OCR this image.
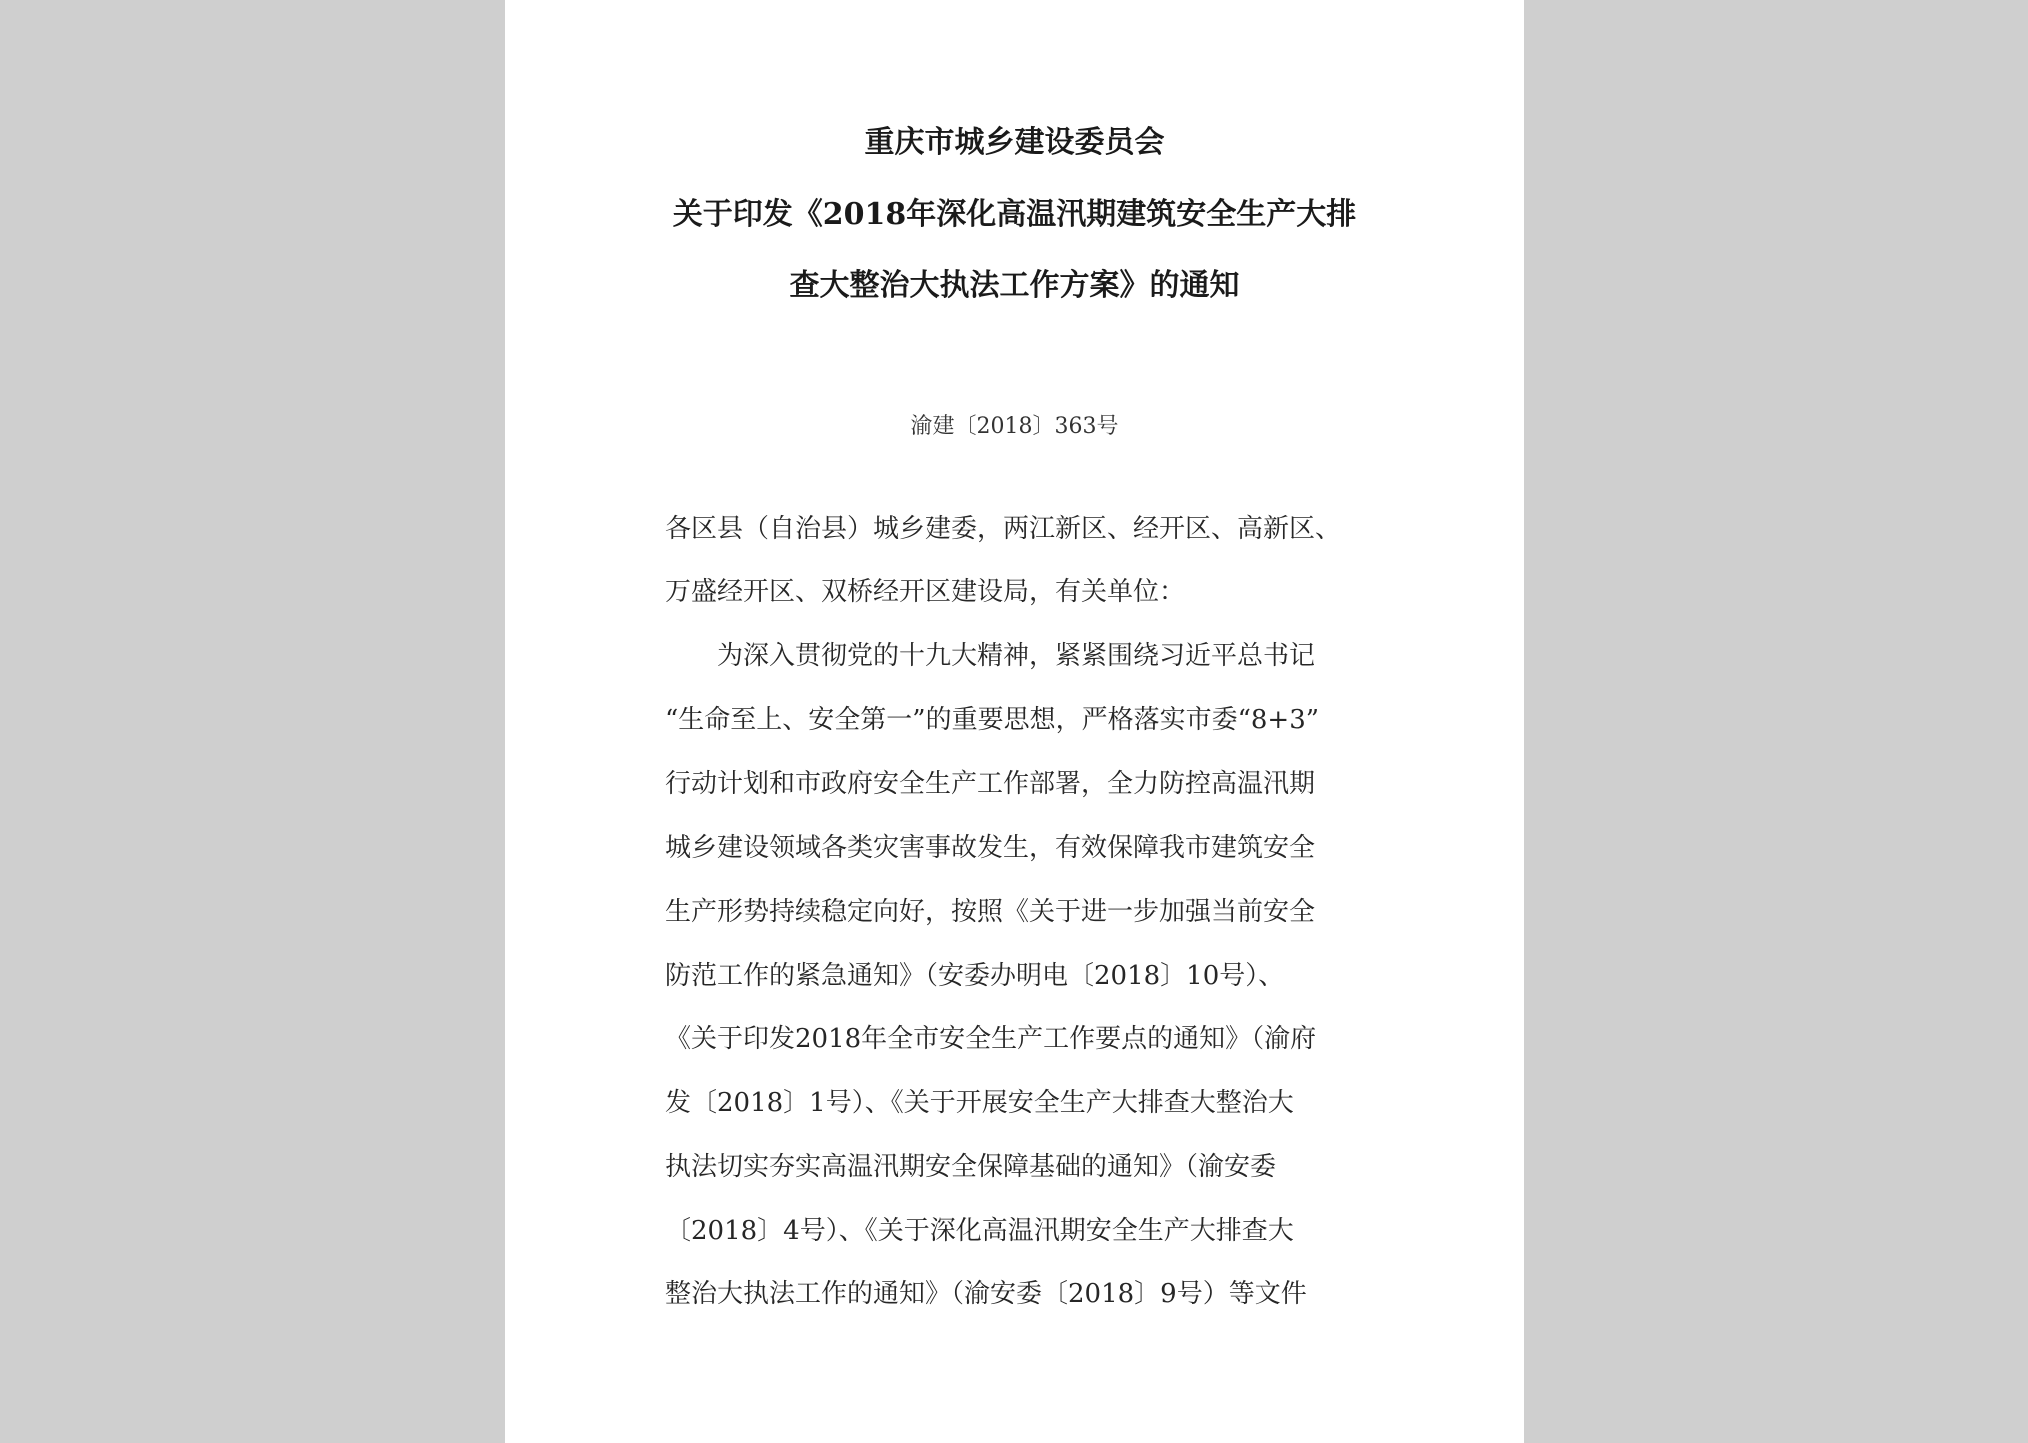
重庆市城乡建设委员会
关于印发《2018年深化高温汛期建筑安全生产大排
查大整治大执法工作方案》的通知
渝建〔2018〕363号
各区县（自治县）城乡建委，两江新区、经开区、高新区、
万盛经开区、双桥经开区建设局，有关单位：
　　为深入贯彻党的十九大精神，紧紧围绕习近平总书记
“生命至上、安全第一”的重要思想，严格落实市委“8+3”
行动计划和市政府安全生产工作部署，全力防控高温汛期
城乡建设领域各类灾害事故发生，有效保障我市建筑安全
生产形势持续稳定向好，按照《关于进一步加强当前安全
防范工作的紧急通知》（安委办明电〔2018〕10号）、
《关于印发2018年全市安全生产工作要点的通知》（渝府
发〔2018〕1号）、《关于开展安全生产大排查大整治大
执法切实夯实高温汛期安全保障基础的通知》（渝安委
〔2018〕4号）、《关于深化高温汛期安全生产大排查大
整治大执法工作的通知》（渝安委〔2018〕9号）等文件
